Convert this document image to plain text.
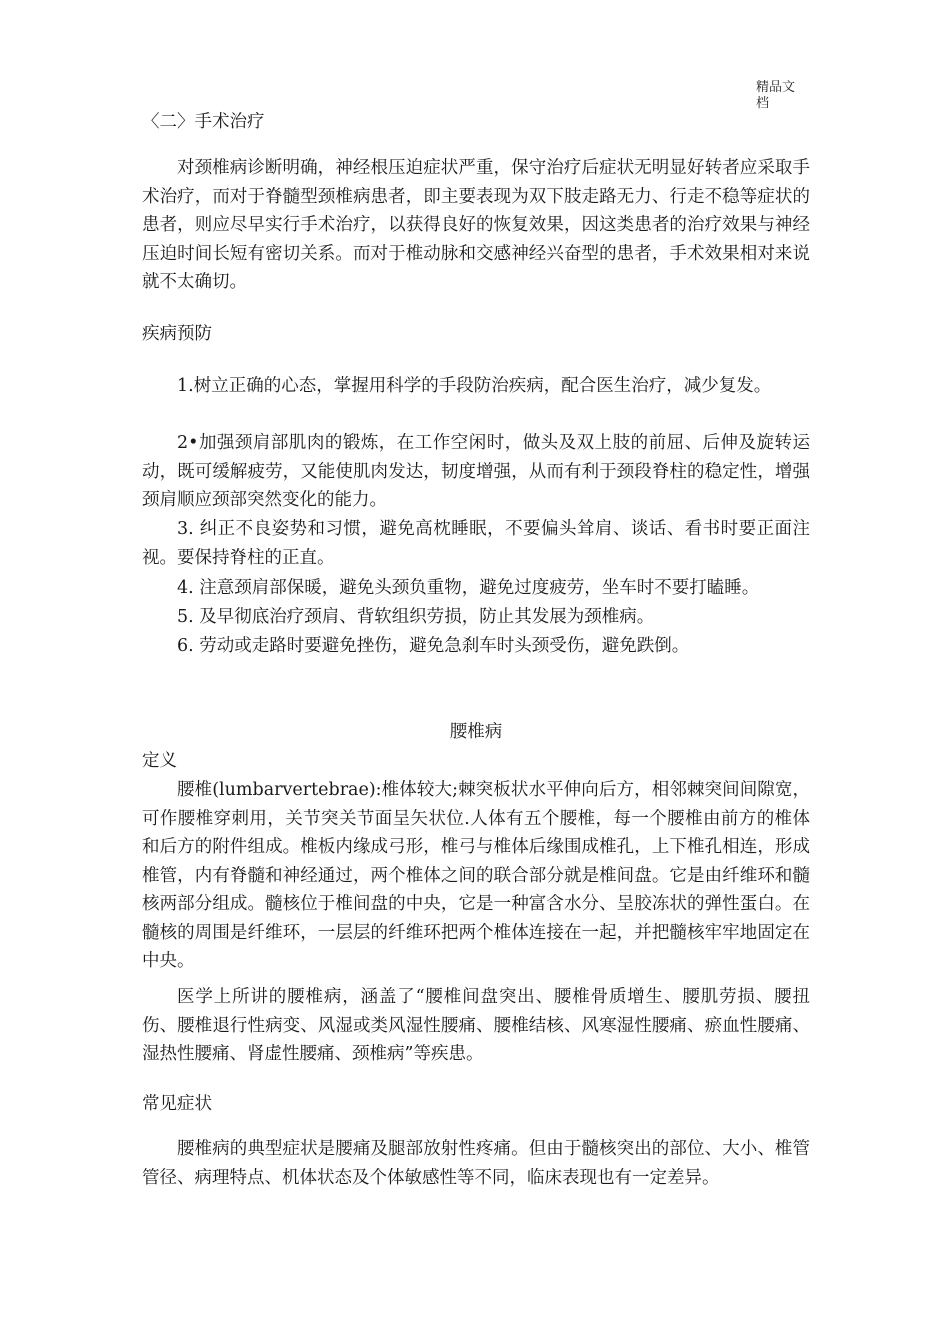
精品文档
〈二〉手术治疗
对颈椎病诊断明确，神经根压迫症状严重，保守治疗后症状无明显好转者应采取手术治疗，而对于脊髓型颈椎病患者，即主要表现为双下肢走路无力、行走不稳等症状的患者，则应尽早实行手术治疗，以获得良好的恢复效果，因这类患者的治疗效果与神经压迫时间长短有密切关系。而对于椎动脉和交感神经兴奋型的患者，手术效果相对来说就不太确切。
疾病预防
1.树立正确的心态，掌握用科学的手段防治疾病，配合医生治疗，减少复发。
2•加强颈肩部肌肉的锻炼，在工作空闲时，做头及双上肢的前屈、后伸及旋转运动，既可缓解疲劳，又能使肌肉发达，韧度增强，从而有利于颈段脊柱的稳定性，增强颈肩顺应颈部突然变化的能力。
3. 纠正不良姿势和习惯，避免高枕睡眠，不要偏头耸肩、谈话、看书时要正面注视。要保持脊柱的正直。
4. 注意颈肩部保暖，避免头颈负重物，避免过度疲劳，坐车时不要打瞌睡。
5. 及早彻底治疗颈肩、背软组织劳损，防止其发展为颈椎病。
6. 劳动或走路时要避免挫伤，避免急刹车时头颈受伤，避免跌倒。
腰椎病
定义
腰椎(lumbarvertebrae):椎体较大;棘突板状水平伸向后方，相邻棘突间间隙宽，可作腰椎穿刺用，关节突关节面呈矢状位.人体有五个腰椎，每一个腰椎由前方的椎体和后方的附件组成。椎板内缘成弓形，椎弓与椎体后缘围成椎孔，上下椎孔相连，形成椎管，内有脊髓和神经通过，两个椎体之间的联合部分就是椎间盘。它是由纤维环和髓核两部分组成。髓核位于椎间盘的中央，它是一种富含水分、呈胶冻状的弹性蛋白。在髓核的周围是纤维环，一层层的纤维环把两个椎体连接在一起，并把髓核牢牢地固定在中央。
医学上所讲的腰椎病，涵盖了“腰椎间盘突出、腰椎骨质增生、腰肌劳损、腰扭伤、腰椎退行性病变、风湿或类风湿性腰痛、腰椎结核、风寒湿性腰痛、瘀血性腰痛、湿热性腰痛、肾虚性腰痛、颈椎病”等疾患。
常见症状
腰椎病的典型症状是腰痛及腿部放射性疼痛。但由于髓核突出的部位、大小、椎管管径、病理特点、机体状态及个体敏感性等不同，临床表现也有一定差异。
